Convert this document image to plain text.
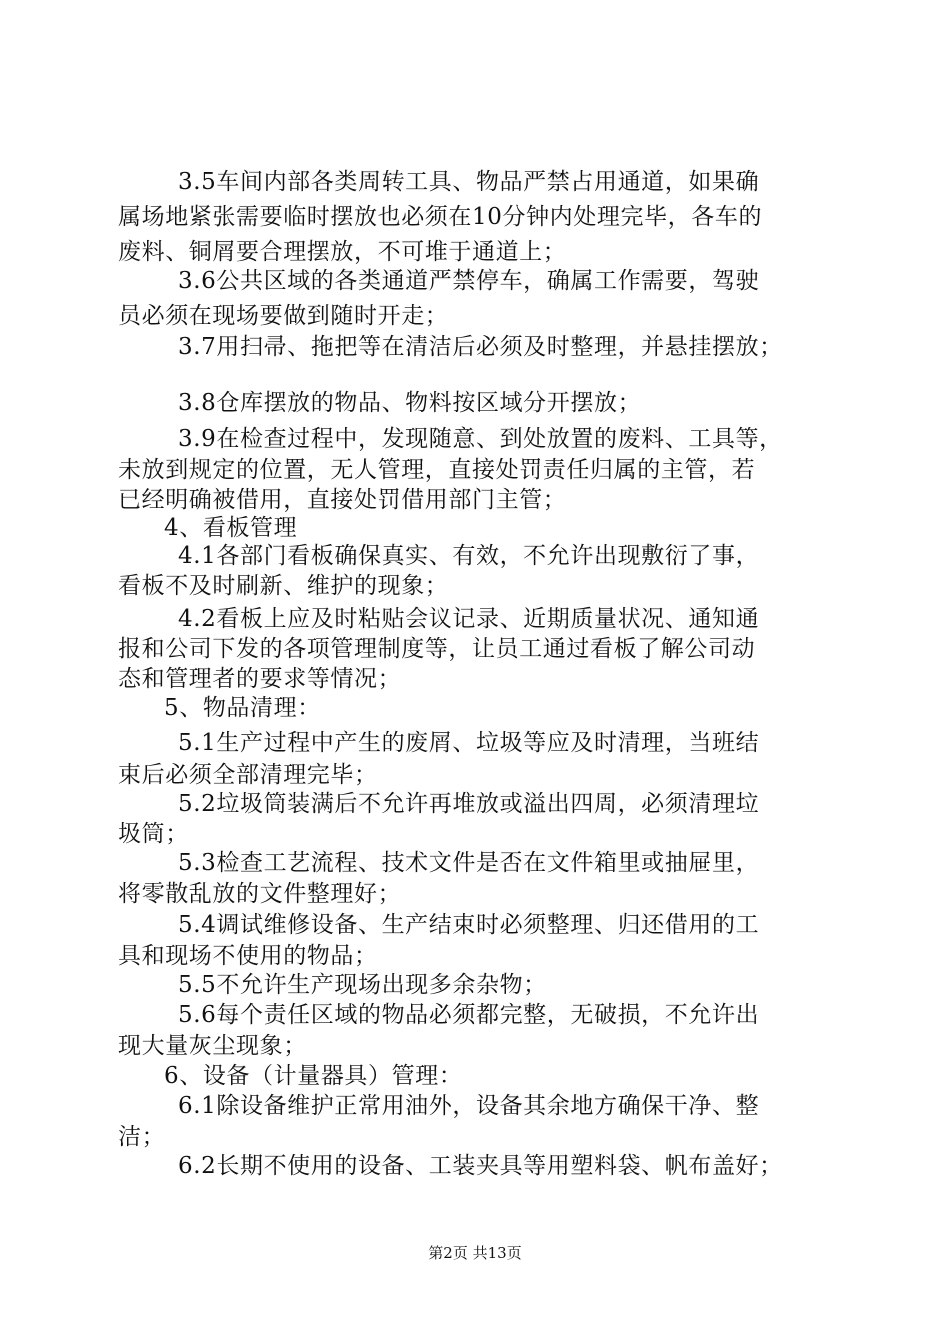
3.5车间内部各类周转工具、物品严禁占用通道，如果确
属场地紧张需要临时摆放也必须在10分钟内处理完毕，各车的
废料、铜屑要合理摆放，不可堆于通道上；
3.6公共区域的各类通道严禁停车，确属工作需要，驾驶
员必须在现场要做到随时开走；
3.7用扫帚、拖把等在清洁后必须及时整理，并悬挂摆放；
3.8仓库摆放的物品、物料按区域分开摆放；
3.9在检查过程中，发现随意、到处放置的废料、工具等，
未放到规定的位置，无人管理，直接处罚责任归属的主管，若
已经明确被借用，直接处罚借用部门主管；
4、看板管理
4.1各部门看板确保真实、有效，不允许出现敷衍了事，
看板不及时刷新、维护的现象；
4.2看板上应及时粘贴会议记录、近期质量状况、通知通
报和公司下发的各项管理制度等，让员工通过看板了解公司动
态和管理者的要求等情况；
5、物品清理：
5.1生产过程中产生的废屑、垃圾等应及时清理，当班结
束后必须全部清理完毕；
5.2垃圾筒装满后不允许再堆放或溢出四周，必须清理垃
圾筒；
5.3检查工艺流程、技术文件是否在文件箱里或抽屉里，
将零散乱放的文件整理好；
5.4调试维修设备、生产结束时必须整理、归还借用的工
具和现场不使用的物品；
5.5不允许生产现场出现多余杂物；
5.6每个责任区域的物品必须都完整，无破损，不允许出
现大量灰尘现象；
6、设备（计量器具）管理：
6.1除设备维护正常用油外，设备其余地方确保干净、整
洁；
6.2长期不使用的设备、工装夹具等用塑料袋、帆布盖好；
第2页 共13页
